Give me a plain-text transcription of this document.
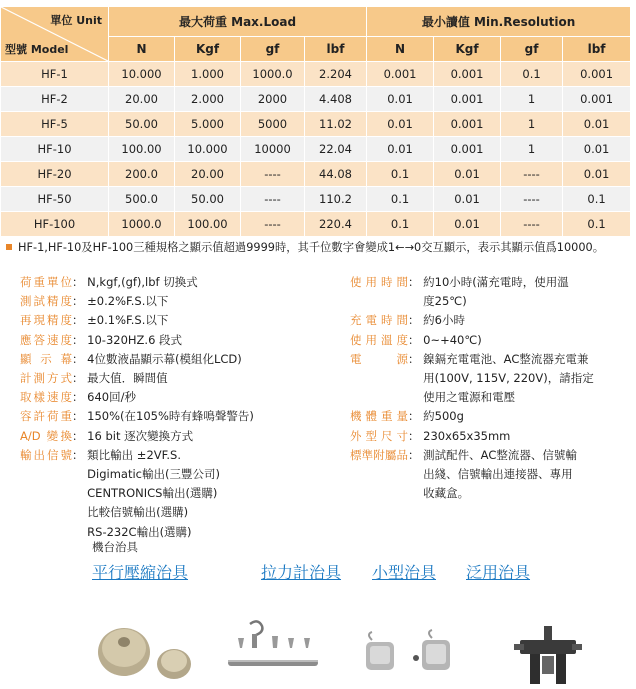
單位 Unit
型號 Model	最大荷重 Max.Load				最小讀值 Min.Resolution			
	N	Kgf	gf	lbf	N	Kgf	gf	lbf
HF-1	10.000	1.000	1000.0	2.204	0.001	0.001	0.1	0.001
HF-2	20.00	2.000	2000	4.408	0.01	0.001	1	0.001
HF-5	50.00	5.000	5000	11.02	0.01	0.001	1	0.01
HF-10	100.00	10.000	10000	22.04	0.01	0.001	1	0.01
HF-20	200.0	20.00	----	44.08	0.1	0.01	----	0.01
HF-50	500.0	50.00	----	110.2	0.1	0.01	----	0.1
HF-100	1000.0	100.00	----	220.4	0.1	0.01	----	0.1
HF-1,HF-10及HF-100三種規格之顯示值超過9999時，其千位數字會變成1←→0交互顯示，表示其顯示值爲10000。
荷重單位 ： N,kgf,(gf),lbf 切換式
測試精度 ： ±0.2%F.S.以下
再現精度 ： ±0.1%F.S.以下
應答速度 ： 10-320HZ.6 段式
顯示幕 ： 4位數液晶顯示幕(模組化LCD)
計測方式 ： 最大值．瞬間值
取樣速度 ： 640回/秒
容許荷重 ： 150%(在105%時有蜂鳴聲警告)
A/D 變換 ： 16 bit 逐次變換方式
輸出信號 ： 類比輸出 ±2VF.S.
Digimatic輸出(三豐公司)
CENTRONICS輸出(選購)
比較信號輸出(選購)
RS-232C輸出(選購)
使用時間 ： 約10小時(滿充電時，使用溫
度25℃)
充電時間 ： 約6小時
使用溫度 ： 0~+40℃)
電源 ： 鎳鎘充電電池、AC整流器充電兼
用(100V, 115V, 220V)，請指定
使用之電源和電壓
機體重量 ： 約500g
外型尺寸 ： 230x65x35mm
標準附屬品 ： 測試配件、AC整流器、信號輸
出綫、信號輸出連接器、專用
收藏盒。
機台治具
平行壓縮治具	拉力計治具 小型治具 泛用治具
